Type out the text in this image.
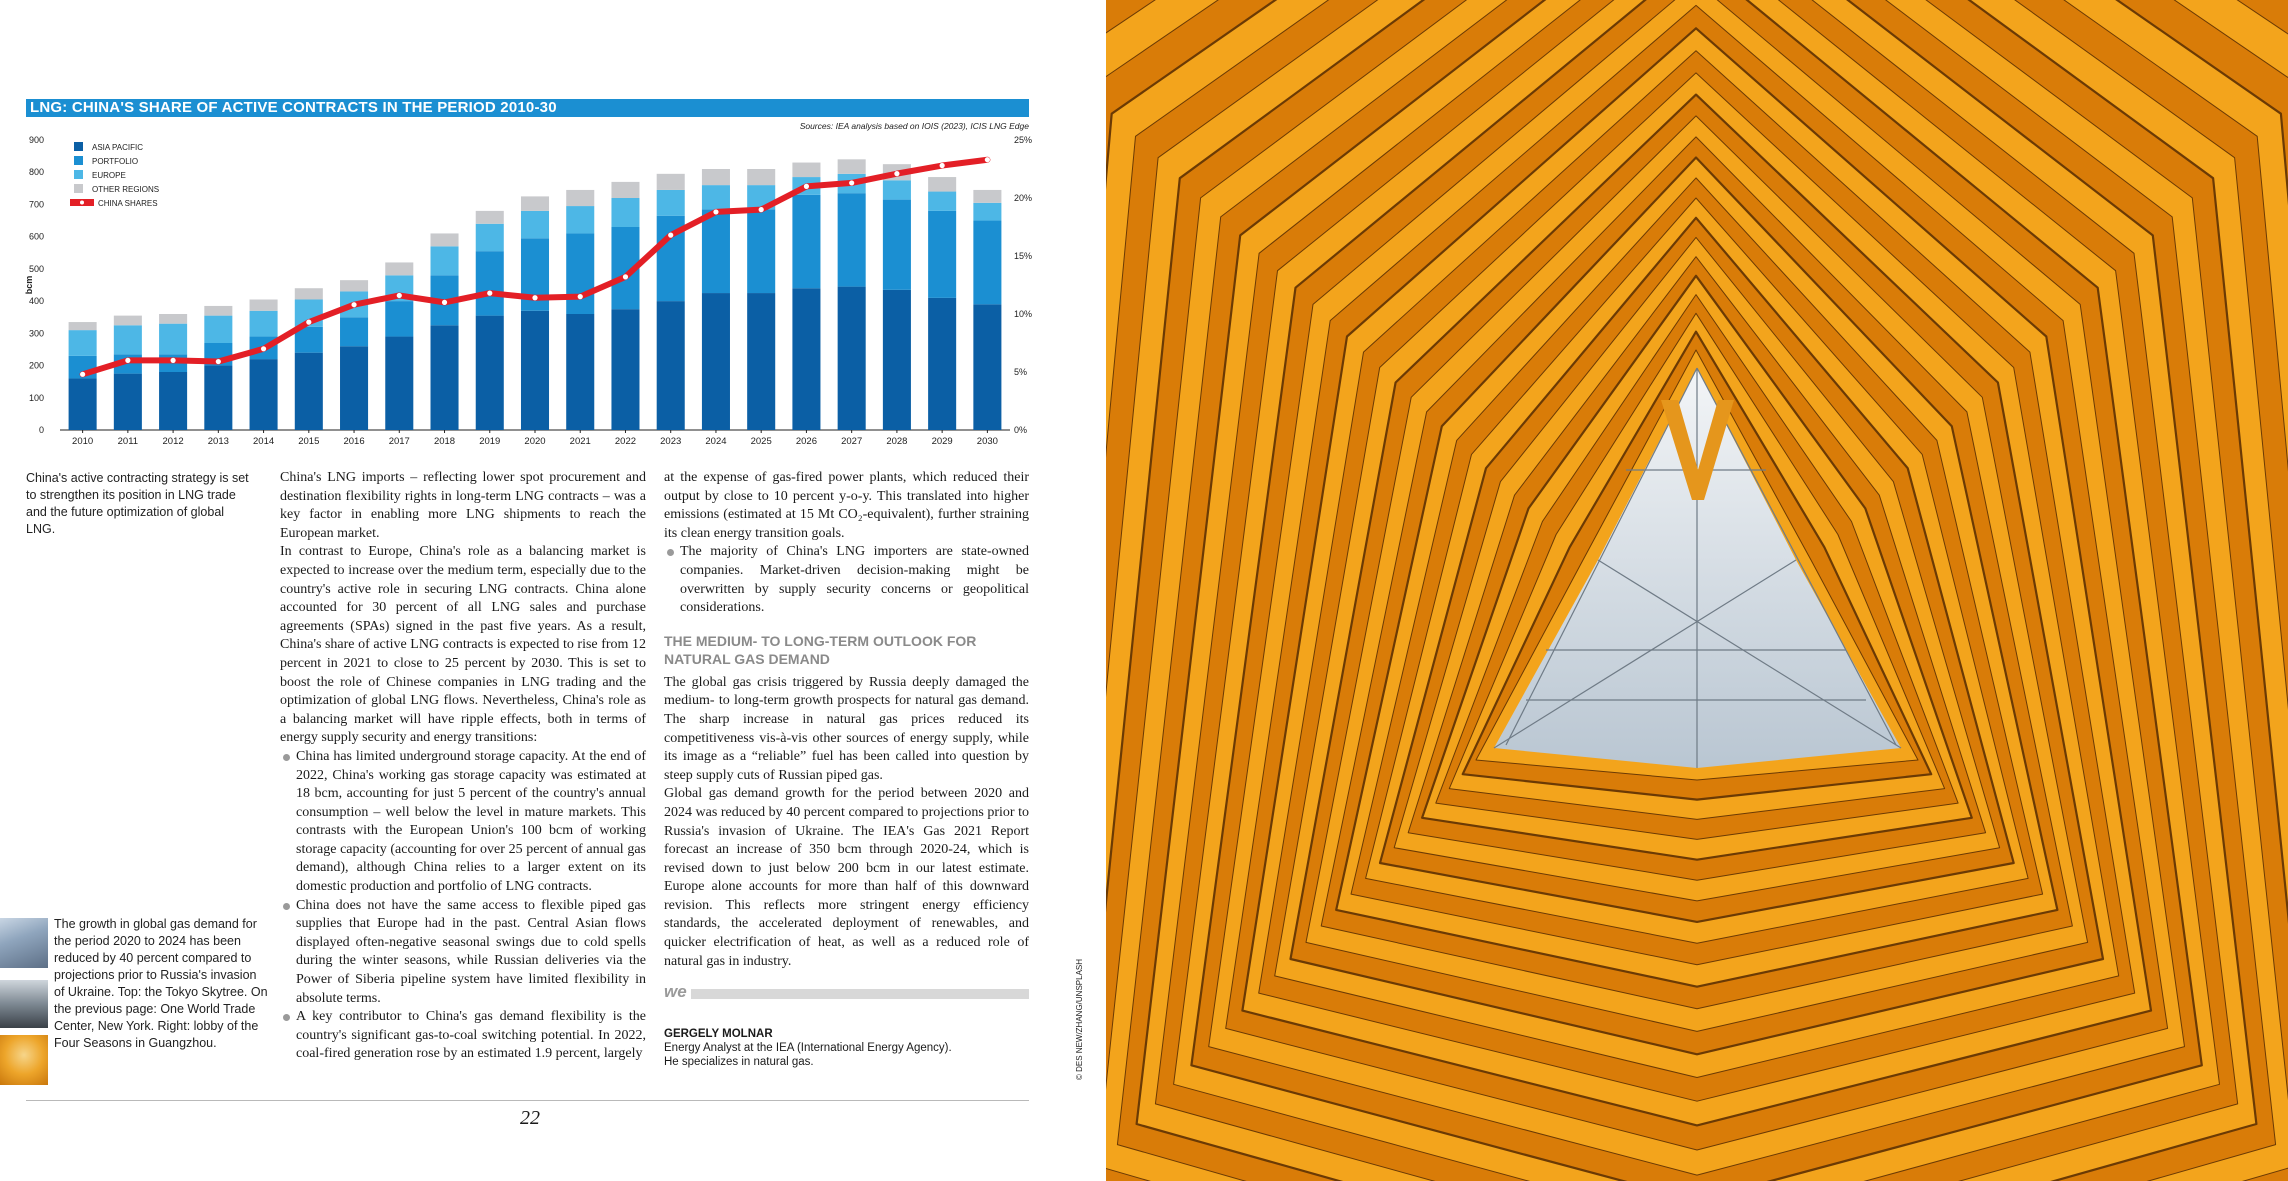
LNG: CHINA'S SHARE OF ACTIVE CONTRACTS IN THE PERIOD 2010-30
Sources: IEA analysis based on IOIS (2023), ICIS LNG Edge
0
100
200
300
400
500
600
700
800
900
0%
5%
10%
15%
20%
25%
bcm
2010	2011	2012	2013	2014	2015	2016	2017	2018	2019	2020	2021	2022	2023	2024	2025	2026	2027	2028	2029	2030
ASIA PACIFIC
PORTFOLIO
EUROPE
OTHER REGIONS
CHINA SHARES
China's active contracting strategy is set to strengthen its position in LNG trade and the future optimization of global LNG.
The growth in global gas demand for the period 2020 to 2024 has been reduced by 40 percent compared to projections prior to Russia's invasion of Ukraine. Top: the Tokyo Skytree. On the previous page: One World Trade Center, New York. Right: lobby of the Four Seasons in Guangzhou.

China's LNG imports – reflecting lower spot procurement and destination flexibility rights in long-term LNG contracts – was a key factor in enabling more LNG shipments to reach the European market.

In contrast to Europe, China's role as a balancing market is expected to increase over the medium term, especially due to the country's active role in securing LNG contracts. China alone accounted for 30 percent of all LNG sales and purchase agreements (SPAs) signed in the past five years. As a result, China's share of active LNG contracts is expected to rise from 12 percent in 2021 to close to 25 percent by 2030. This is set to boost the role of Chinese companies in LNG trading and the optimization of global LNG flows. Nevertheless, China's role as a balancing market will have ripple effects, both in terms of energy supply security and energy transitions:

China has limited underground storage capacity. At the end of 2022, China's working gas storage capacity was estimated at 18 bcm, accounting for just 5 percent of the country's annual consumption – well below the level in mature markets. This contrasts with the European Union's 100 bcm of working storage capacity (accounting for over 25 percent of annual gas demand), although China relies to a larger extent on its domestic production and portfolio of LNG contracts.

China does not have the same access to flexible piped gas supplies that Europe had in the past. Central Asian flows displayed often-negative seasonal swings due to cold spells during the winter seasons, while Russian deliveries via the Power of Siberia pipeline system have limited flexibility in absolute terms.

A key contributor to China's gas demand flexibility is the country's significant gas-to-coal switching potential. In 2022, coal-fired generation rose by an estimated 1.9 percent, largely

at the expense of gas-fired power plants, which reduced their output by close to 10 percent y-o-y. This translated into higher emissions (estimated at 15 Mt CO₂-equivalent), further straining its clean energy transition goals.

The majority of China's LNG importers are state-owned companies. Market-driven decision-making might be overwritten by supply security concerns or geopolitical considerations.

THE MEDIUM- TO LONG-TERM OUTLOOK FOR NATURAL GAS DEMAND

The global gas crisis triggered by Russia deeply damaged the medium- to long-term growth prospects for natural gas demand. The sharp increase in natural gas prices reduced its competitiveness vis-à-vis other sources of energy supply, while its image as a “reliable” fuel has been called into question by steep supply cuts of Russian piped gas.

Global gas demand growth for the period between 2020 and 2024 was reduced by 40 percent compared to projections prior to Russia's invasion of Ukraine. The IEA's Gas 2021 Report forecast an increase of 350 bcm through 2020-24, which is revised down to just below 200 bcm in our latest estimate. Europe alone accounts for more than half of this downward revision. This reflects more stringent energy efficiency standards, the accelerated deployment of renewables, and quicker electrification of heat, as well as a reduced role of natural gas in industry.

we
GERGELY MOLNAR
Energy Analyst at the IEA (International Energy Agency).
He specializes in natural gas.
22
© DES NEW/ZHANG/UNSPLASH
